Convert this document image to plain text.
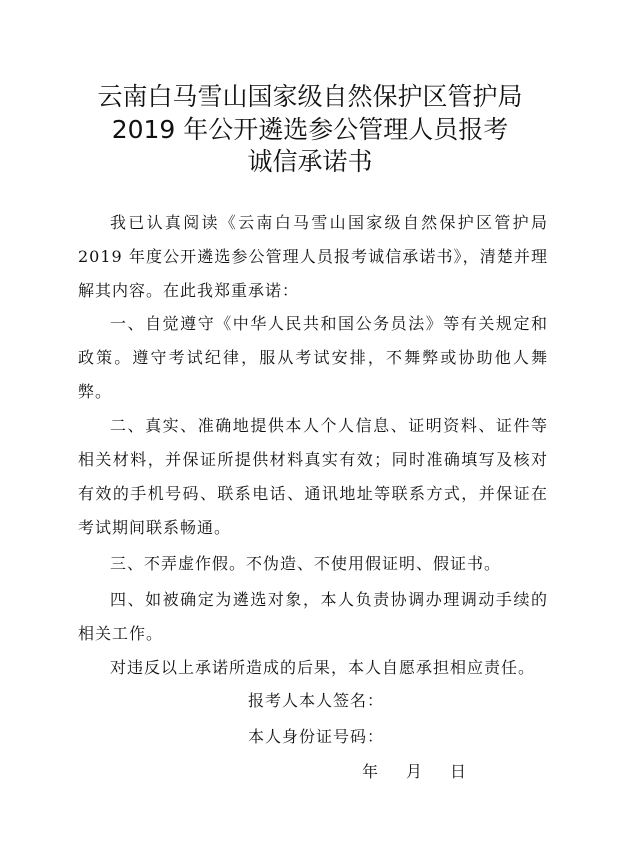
云南白马雪山国家级自然保护区管护局
2019 年公开遴选参公管理人员报考
诚信承诺书

我已认真阅读《云南白马雪山国家级自然保护区管护局2019 年度公开遴选参公管理人员报考诚信承诺书》，清楚并理解其内容。在此我郑重承诺：

一、自觉遵守《中华人民共和国公务员法》等有关规定和政策。遵守考试纪律，服从考试安排，不舞弊或协助他人舞弊。

二、真实、准确地提供本人个人信息、证明资料、证件等相关材料，并保证所提供材料真实有效；同时准确填写及核对有效的手机号码、联系电话、通讯地址等联系方式，并保证在考试期间联系畅通。

三、不弄虚作假。不伪造、不使用假证明、假证书。

四、如被确定为遴选对象，本人负责协调办理调动手续的相关工作。

对违反以上承诺所造成的后果，本人自愿承担相应责任。

报考人本人签名：
本人身份证号码：
年 月 日
